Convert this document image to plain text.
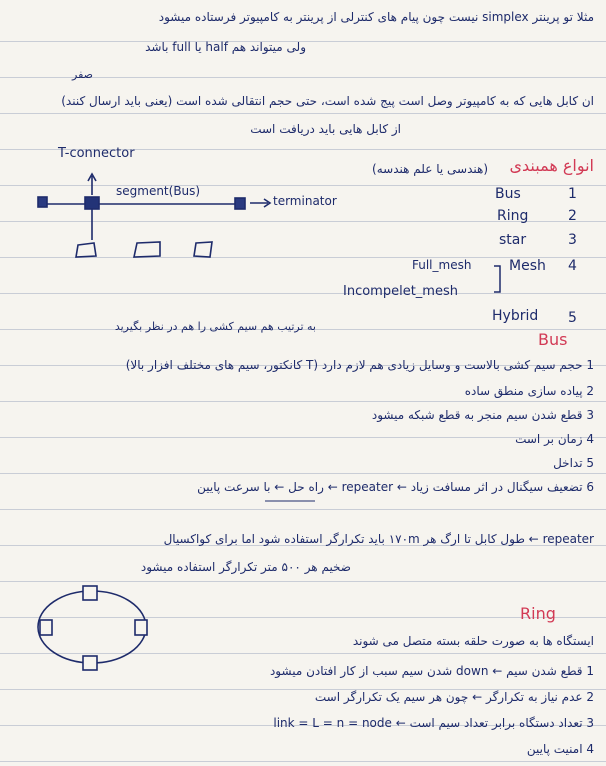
مثلا تو پرینتر simplex نیست چون پیام های کنترلی از پرینتر به کامپیوتر فرستاده میشود
ولی میتواند هم half یا full باشد
صفر
ان کابل هایی که به کامپیوتر وصل است پیج شده است، حتی حجم انتقالی شده است (یعنی باید ارسال کنند)
از کابل هایی باید دریافت است
T-connector
segment(Bus)
terminator
انواع همبندی
(هندسی یا علم هندسه)
Bus	1
Ring	2
star	3
Mesh 4
Full_mesh
Incompelet_mesh
Hybrid 5
به ترتیب هم سیم کشی را هم در نظر بگیرید
Bus
1 حجم سیم کشی بالاست و وسایل زیادی هم لازم دارد (T کانکتور، سیم های مختلف افزار بالا)
2 پیاده سازی منطق ساده
3 قطع شدن سیم منجر به قطع شبکه میشود
4 زمان بر است
5 تداخل
6 تضعیف سیگنال در اثر مسافت زیاد ← repeater ← راه حل ← با سرعت پایین
repeater ← طول کابل تا ارگ هر ۱۷۰m باید تکرارگر استفاده شود اما برای کواکسیال
ضخیم هر ۵۰۰ متر تکرارگر استفاده میشود
Ring
ایستگاه ها به صورت حلقه بسته متصل می شوند
1 قطع شدن سیم ← down شدن سیم سبب از کار افتادن میشود
2 عدم نیاز به تکرارگر ← چون هر سیم یک تکرارگر است
3 تعداد دستگاه برابر تعداد سیم است ← link = L = n = node
4 امنیت پایین
